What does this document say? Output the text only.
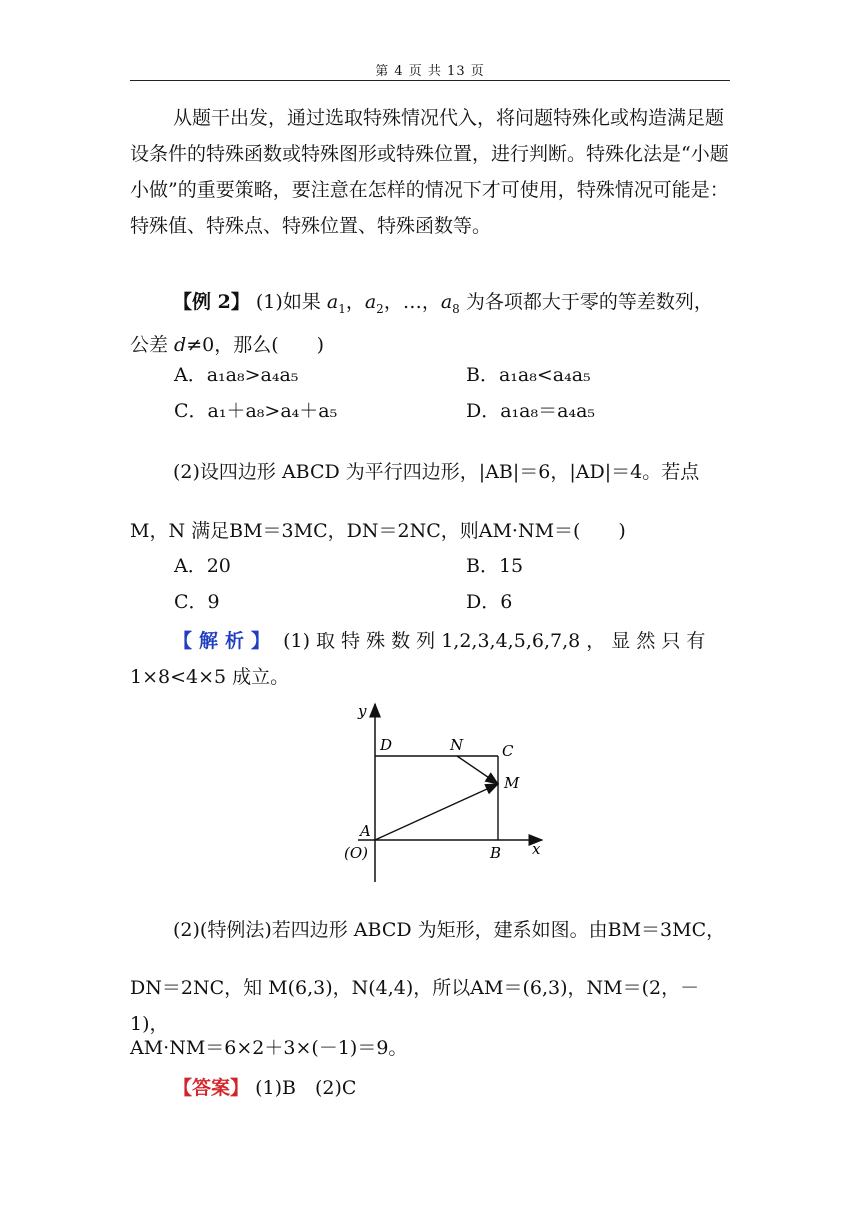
第 4 页 共 13 页
从题干出发，通过选取特殊情况代入，将问题特殊化或构造满足题设条件的特殊函数或特殊图形或特殊位置，进行判断。特殊化法是“小题小做”的重要策略，要注意在怎样的情况下才可使用，特殊情况可能是：特殊值、特殊点、特殊位置、特殊函数等。
【例 2】 (1)如果 $a_1$，$a_2$，…，$a_8$ 为各项都大于零的等差数列，公差 d≠0，那么(　　)
A．a₁a₈>a₄a₅	B．a₁a₈<a₄a₅
C．a₁＋a₈>a₄＋a₅	D．a₁a₈＝a₄a₅
(2)设四边形 ABCD 为平行四边形，|AB|＝6，|AD|＝4。若点
M，N 满足BM＝3MC，DN＝2NC，则AM·NM＝(　　)
A．20	B．15
C．9	D．6
【解析】 (1) 取 特 殊 数 列 1,2,3,4,5,6,7,8 ， 显 然 只 有
1×8<4×5 成立。
y
x
D	N	C
M
A
(O)	B
(2)(特例法)若四边形 ABCD 为矩形，建系如图。由BM＝3MC，
DN＝2NC，知 M(6,3)，N(4,4)，所以AM＝(6,3)，NM＝(2，－1)，
AM·NM＝6×2＋3×(－1)＝9。
【答案】 (1)B　(2)C
